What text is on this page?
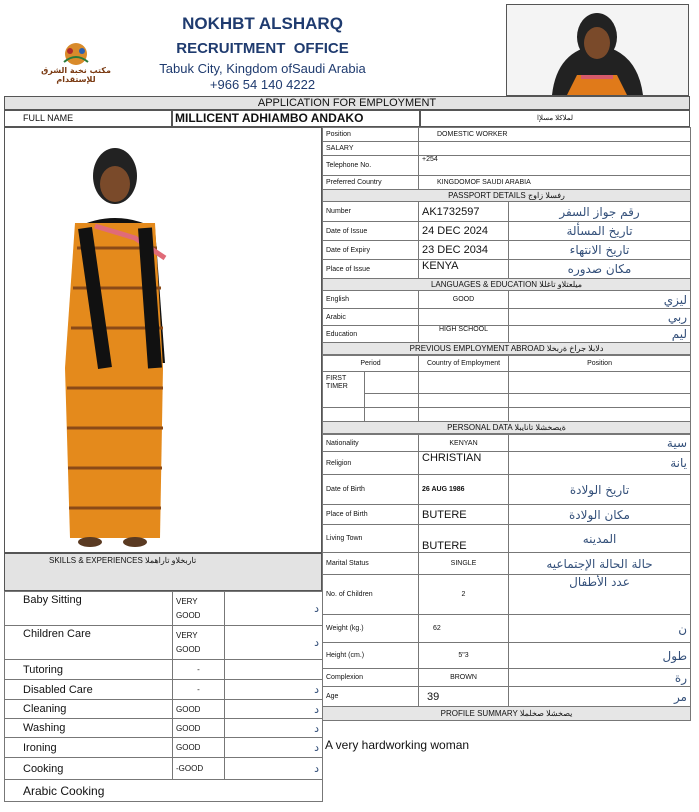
مكتب نخبة الشرق للإستقدام
NOKHBT ALSHARQ
RECRUITMENT  OFFICE
Tabuk City, Kingdom ofSaudi Arabia
+966 54 140 4222
APPLICATION FOR EMPLOYMENT
FULL NAME	MILLICENT ADHIAMBO ANDAKO	لملاكلا مسلإا
Position	DOMESTIC WORKER	
SALARY		
Telephone No.	+254	
Preferred Country	KINGDOMOF SAUDI ARABIA	
PASSPORT DETAILS رفسلا زاوج		
Number	AK1732597	رقم جواز السفر
Date of Issue	24 DEC 2024	تاريخ المسألة
Date of Expiry	23 DEC 2034	تاريخ الانتهاء
Place of Issue	KENYA	مكان صدوره
LANGUAGES & EDUCATION ميلعتلاو تاغللا		
English	GOOD	ليزي
Arabic		ربي
Education	HIGH SCHOOL	ليم
PREVIOUS EMPLOYMENT ABROAD دلابلا جراخ ةربخلا		
Period		Country of Employment	Position
FIRST TIMER			

PERSONAL DATA ةيصخشلا تانايبلا			
Nationality	KENYAN	سية
Religion	CHRISTIAN	يانة
Date of Birth	26 AUG 1986	تاريخ الولادة
Place of Birth	BUTERE	مكان الولادة
Living Town	BUTERE	المدينه
Marital Status	SINGLE	حالة الحالة الإجتماعيه
No. of Children	2	عدد الأطفال
Weight (kg.)	62	ن
Height (cm.)	5"3	طول
Complexion	BROWN	رة
Age	39	مر
PROFILE SUMMARY يصخشلا صخلملا		
A very hardworking woman
SKILLS & EXPERIENCES تاربخلاو تاراهملا
Baby Sitting	VERY GOOD	د
Children Care	VERY GOOD	د
Tutoring	-	
Disabled Care	-	د
Cleaning	GOOD	د
Washing	GOOD	د
Ironing	GOOD	د
Cooking	-GOOD	د
Arabic Cooking		
